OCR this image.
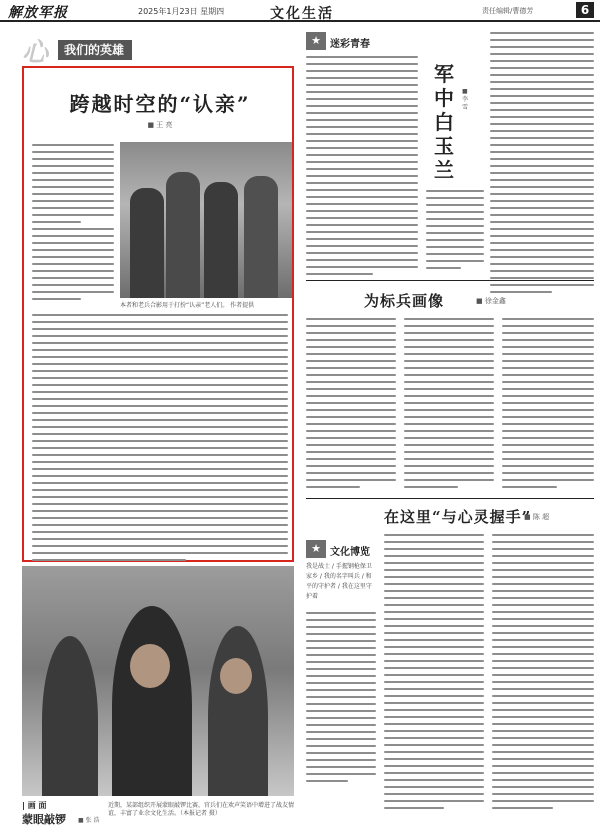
解放军报	2025年1月23日 星期四	文化生活	责任编辑/曹德芳	6
心	我们的英雄
跨越时空的“认亲”
■ 王 亮
本者和老兵合影用于打扮“认亲”老人们。 作者提供
★ 迷彩青春
军
中
白
玉
兰
■ 李 雪
为标兵画像	■ 徐金鑫
在这里“与心灵握手”
■ 陈 超
★ 文化博览
我是战士 / 手握钢枪保卫家乡 / 我的名字叫兵 / 和平的守护者 / 我在这里守护着
| 画 面
蒙眼敲锣 ■ 张 浩
近期，某部组织开展蒙眼敲锣比赛，官兵们在欢声笑语中增进了战友情谊，丰富了业余文化生活。（本报记者 摄）
